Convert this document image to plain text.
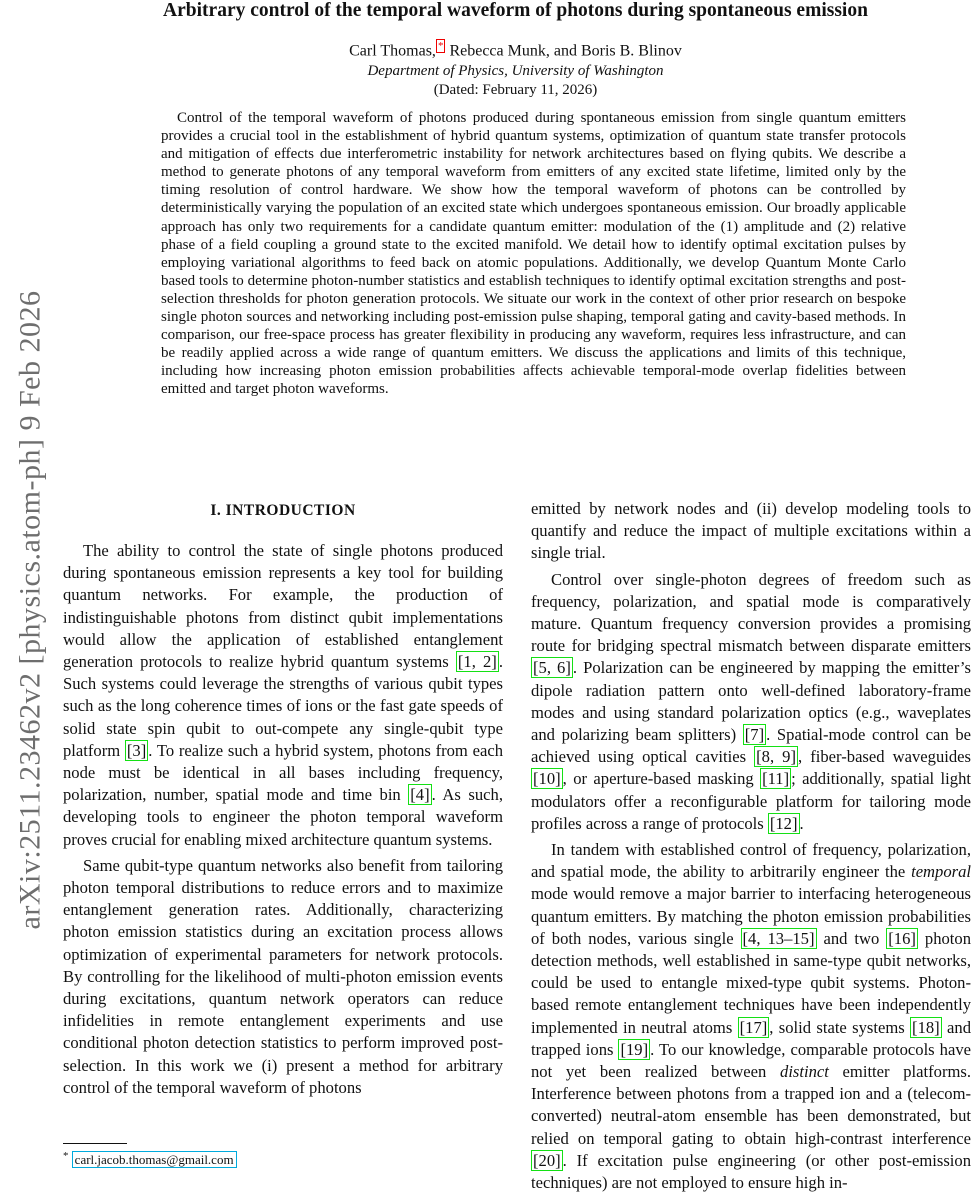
arXiv:2511.23462v2 [physics.atom-ph] 9 Feb 2026
Arbitrary control of the temporal waveform of photons during spontaneous emission
Carl Thomas, * Rebecca Munk, and Boris B. Blinov
Department of Physics, University of Washington
(Dated: February 11, 2026)

Control of the temporal waveform of photons produced during spontaneous emission from single quantum emitters provides a crucial tool in the establishment of hybrid quantum systems, optimization of quantum state transfer protocols and mitigation of effects due interferometric instability for network architectures based on flying qubits. We describe a method to generate photons of any temporal waveform from emitters of any excited state lifetime, limited only by the timing resolution of control hardware. We show how the temporal waveform of photons can be controlled by deterministically varying the population of an excited state which undergoes spontaneous emission. Our broadly applicable approach has only two requirements for a candidate quantum emitter: modulation of the (1) amplitude and (2) relative phase of a field coupling a ground state to the excited manifold. We detail how to identify optimal excitation pulses by employing variational algorithms to feed back on atomic populations. Additionally, we develop Quantum Monte Carlo based tools to determine photon-number statistics and establish techniques to identify optimal excitation strengths and post-selection thresholds for photon generation protocols. We situate our work in the context of other prior research on bespoke single photon sources and networking including post-emission pulse shaping, temporal gating and cavity-based methods. In comparison, our free-space process has greater flexibility in producing any waveform, requires less infrastructure, and can be readily applied across a wide range of quantum emitters. We discuss the applications and limits of this technique, including how increasing photon emission probabilities affects achievable temporal-mode overlap fidelities between emitted and target photon waveforms.

I. INTRODUCTION

The ability to control the state of single photons produced during spontaneous emission represents a key tool for building quantum networks. For example, the production of indistinguishable photons from distinct qubit implementations would allow the application of established entanglement generation protocols to realize hybrid quantum systems [1, 2] . Such systems could leverage the strengths of various qubit types such as the long coherence times of ions or the fast gate speeds of solid state spin qubit to out-compete any single-qubit type platform [3] . To realize such a hybrid system, photons from each node must be identical in all bases including frequency, polarization, number, spatial mode and time bin [4] . As such, developing tools to engineer the photon temporal waveform proves crucial for enabling mixed architecture quantum systems.

Same qubit-type quantum networks also benefit from tailoring photon temporal distributions to reduce errors and to maximize entanglement generation rates. Additionally, characterizing photon emission statistics during an excitation process allows optimization of experimental parameters for network protocols. By controlling for the likelihood of multi-photon emission events during excitations, quantum network operators can reduce infidelities in remote entanglement experiments and use conditional photon detection statistics to perform improved post-selection. In this work we (i) present a method for arbitrary control of the temporal waveform of photons

emitted by network nodes and (ii) develop modeling tools to quantify and reduce the impact of multiple excitations within a single trial.

Control over single-photon degrees of freedom such as frequency, polarization, and spatial mode is comparatively mature. Quantum frequency conversion provides a promising route for bridging spectral mismatch between disparate emitters [5, 6] . Polarization can be engineered by mapping the emitter’s dipole radiation pattern onto well-defined laboratory-frame modes and using standard polarization optics (e.g., waveplates and polarizing beam splitters) [7] . Spatial-mode control can be achieved using optical cavities [8, 9] , fiber-based waveguides [10] , or aperture-based masking [11] ; additionally, spatial light modulators offer a reconfigurable platform for tailoring mode profiles across a range of protocols [12] .

In tandem with established control of frequency, polarization, and spatial mode, the ability to arbitrarily engineer the temporal mode would remove a major barrier to interfacing heterogeneous quantum emitters. By matching the photon emission probabilities of both nodes, various single [4, 13–15] and two [16] photon detection methods, well established in same-type qubit networks, could be used to entangle mixed-type qubit systems. Photon-based remote entanglement techniques have been independently implemented in neutral atoms [17] , solid state systems [18] and trapped ions [19] . To our knowledge, comparable protocols have not yet been realized between distinct emitter platforms. Interference between photons from a trapped ion and a (telecom-converted) neutral-atom ensemble has been demonstrated, but relied on temporal gating to obtain high-contrast interference [20] . If excitation pulse engineering (or other post-emission techniques) are not employed to ensure high in-

* carl.jacob.thomas@gmail.com
